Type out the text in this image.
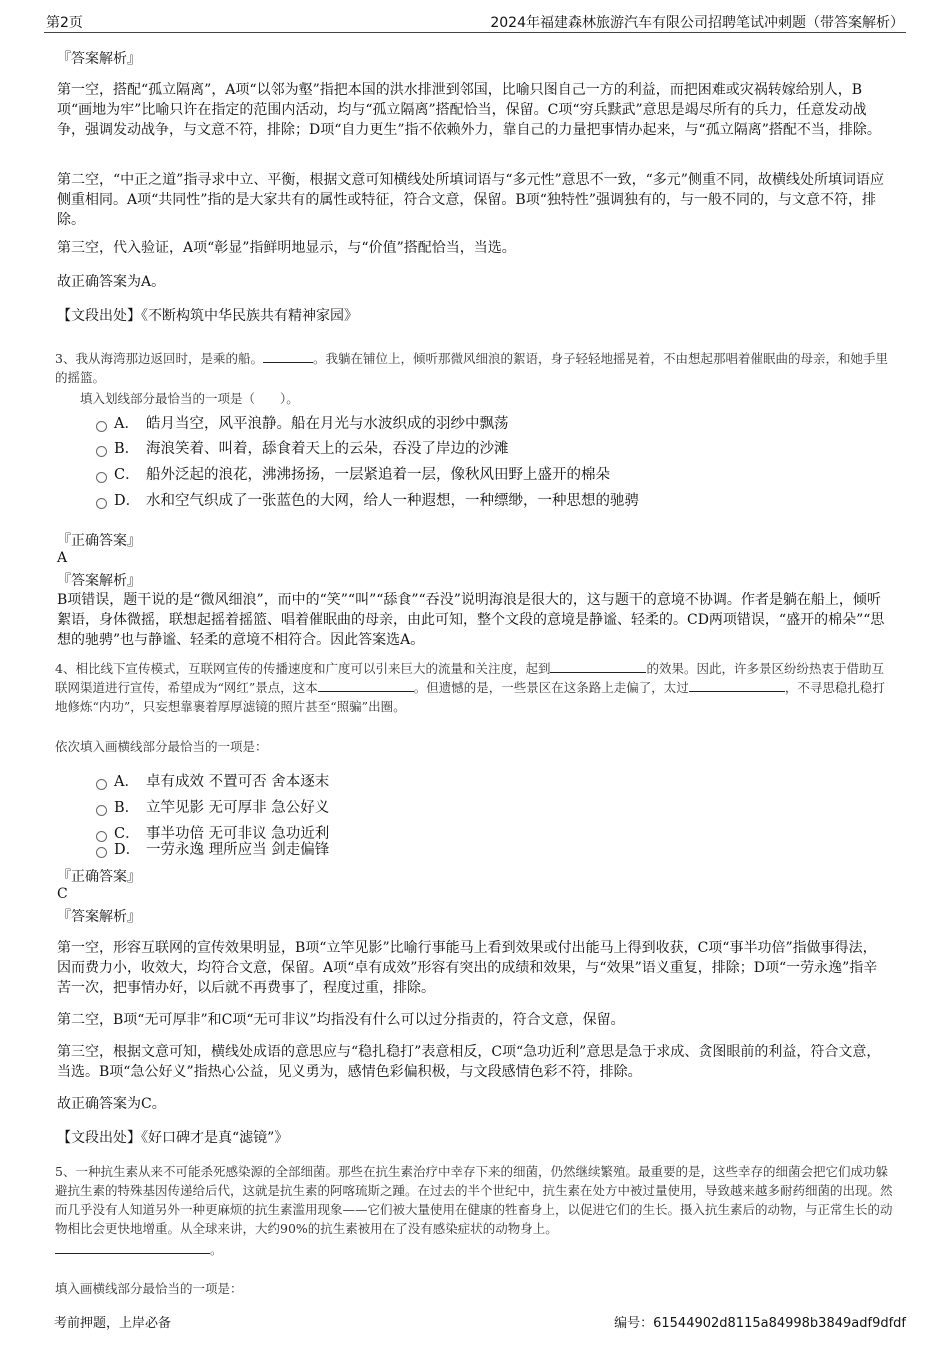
第2页	2024年福建森林旅游汽车有限公司招聘笔试冲刺题（带答案解析）
『答案解析』
第一空，搭配“孤立隔离”，A项“以邻为壑”指把本国的洪水排泄到邻国，比喻只图自己一方的利益，而把困难或灾祸转嫁给别人，B项“画地为牢”比喻只许在指定的范围内活动，均与“孤立隔离”搭配恰当，保留。C项“穷兵黩武”意思是竭尽所有的兵力，任意发动战争，强调发动战争，与文意不符，排除；D项“自力更生”指不依赖外力，靠自己的力量把事情办起来，与“孤立隔离”搭配不当，排除。
第二空，“中正之道”指寻求中立、平衡，根据文意可知横线处所填词语与“多元性”意思不一致，“多元”侧重不同，故横线处所填词语应侧重相同。A项“共同性”指的是大家共有的属性或特征，符合文意，保留。B项“独特性”强调独有的，与一般不同的，与文意不符，排除。
第三空，代入验证，A项“彰显”指鲜明地显示，与“价值”搭配恰当，当选。
故正确答案为A。
【文段出处】《不断构筑中华民族共有精神家园》
3、我从海湾那边返回时，是乘的船。	。我躺在铺位上，倾听那微风细浪的絮语，身子轻轻地摇晃着，不由想起那唱着催眠曲的母亲，和她手里的摇篮。
填入划线部分最恰当的一项是（　　）。
A． 皓月当空，风平浪静。船在月光与水波织成的羽纱中飘荡
B． 海浪笑着、叫着，舔食着天上的云朵，吞没了岸边的沙滩
C． 船外泛起的浪花，沸沸扬扬，一层紧追着一层，像秋风田野上盛开的棉朵
D． 水和空气织成了一张蓝色的大网，给人一种遐想，一种缥缈，一种思想的驰骋
『正确答案』
A
『答案解析』
B项错误，题干说的是“微风细浪”，而中的“笑”“叫”“舔食”“吞没”说明海浪是很大的，这与题干的意境不协调。作者是躺在船上，倾听絮语，身体微摇，联想起摇着摇篮、唱着催眠曲的母亲，由此可知，整个文段的意境是静谧、轻柔的。CD两项错误，“盛开的棉朵”“思想的驰骋”也与静谧、轻柔的意境不相符合。因此答案选A。
4、相比线下宣传模式，互联网宣传的传播速度和广度可以引来巨大的流量和关注度，起到	的效果。因此，许多景区纷纷热衷于借助互联网渠道进行宣传，希望成为“网红”景点，这本	。但遗憾的是，一些景区在这条路上走偏了，太过	，不寻思稳扎稳打地修炼“内功”，只妄想靠裹着厚厚滤镜的照片甚至“照骗”出圈。
依次填入画横线部分最恰当的一项是：
A． 卓有成效 不置可否 舍本逐末
B． 立竿见影 无可厚非 急公好义
C． 事半功倍 无可非议 急功近利
D． 一劳永逸 理所应当 剑走偏锋
『正确答案』
C
『答案解析』
第一空，形容互联网的宣传效果明显，B项“立竿见影”比喻行事能马上看到效果或付出能马上得到收获，C项“事半功倍”指做事得法，因而费力小，收效大，均符合文意，保留。A项“卓有成效”形容有突出的成绩和效果，与“效果”语义重复，排除；D项“一劳永逸”指辛苦一次，把事情办好，以后就不再费事了，程度过重，排除。
第二空，B项“无可厚非”和C项“无可非议”均指没有什么可以过分指责的，符合文意，保留。
第三空，根据文意可知，横线处成语的意思应与“稳扎稳打”表意相反，C项“急功近利”意思是急于求成、贪图眼前的利益，符合文意，当选。B项“急公好义”指热心公益，见义勇为，感情色彩偏积极，与文段感情色彩不符，排除。
故正确答案为C。
【文段出处】《好口碑才是真“滤镜”》
5、一种抗生素从来不可能杀死感染源的全部细菌。那些在抗生素治疗中幸存下来的细菌，仍然继续繁殖。最重要的是，这些幸存的细菌会把它们成功躲避抗生素的特殊基因传递给后代，这就是抗生素的阿喀琉斯之踵。在过去的半个世纪中，抗生素在处方中被过量使用，导致越来越多耐药细菌的出现。然而几乎没有人知道另外一种更麻烦的抗生素滥用现象——它们被大量使用在健康的牲畜身上，以促进它们的生长。摄入抗生素后的动物，与正常生长的动物相比会更快地增重。从全球来讲，大约90%的抗生素被用在了没有感染症状的动物身上。
。
填入画横线部分最恰当的一项是：
考前押题，上岸必备	编号：61544902d8115a84998b3849adf9dfdf
